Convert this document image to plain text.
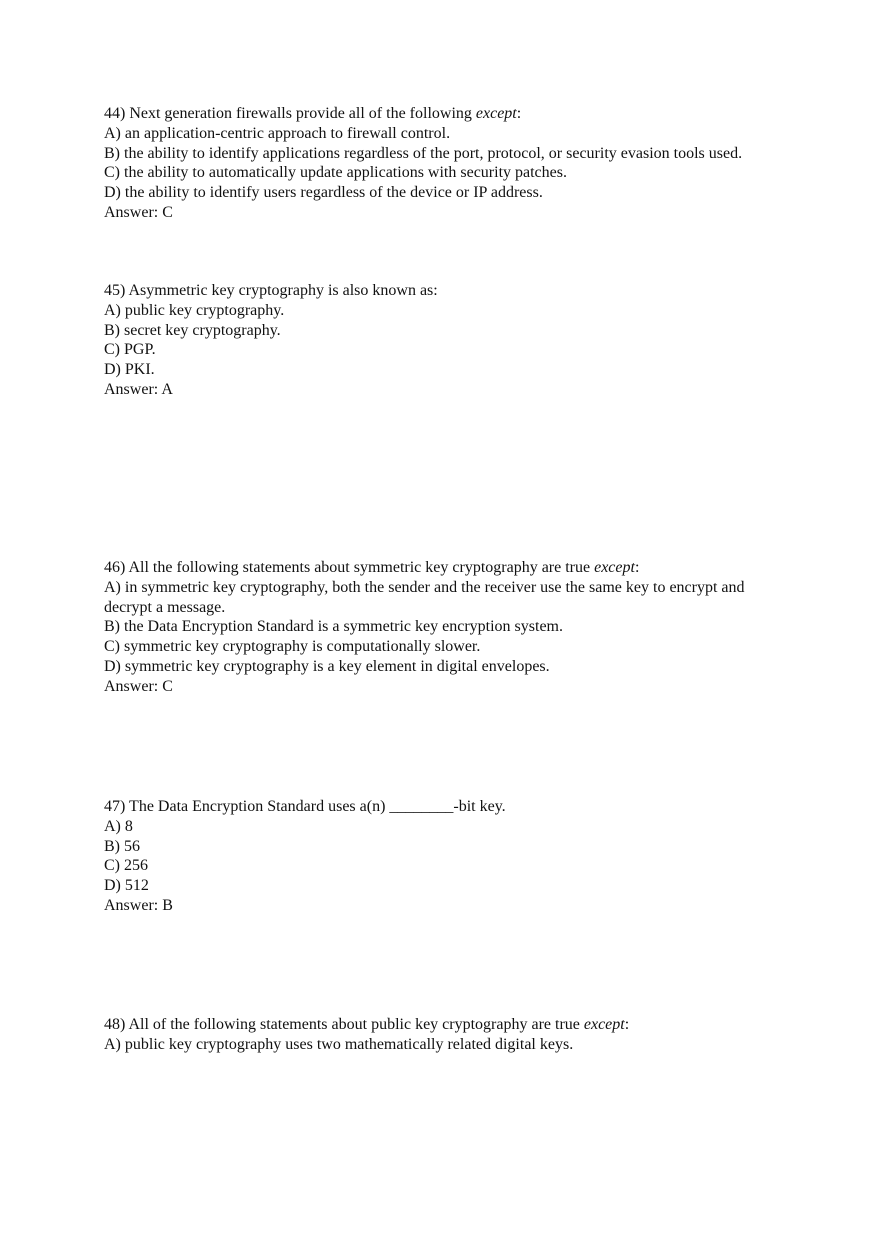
44) Next generation firewalls provide all of the following except:
A) an application-centric approach to firewall control.
B) the ability to identify applications regardless of the port, protocol, or security evasion tools used.
C) the ability to automatically update applications with security patches.
D) the ability to identify users regardless of the device or IP address.
Answer: C
45) Asymmetric key cryptography is also known as:
A) public key cryptography.
B) secret key cryptography.
C) PGP.
D) PKI.
Answer: A
46) All the following statements about symmetric key cryptography are true except:
A) in symmetric key cryptography, both the sender and the receiver use the same key to encrypt and decrypt a message.
B) the Data Encryption Standard is a symmetric key encryption system.
C) symmetric key cryptography is computationally slower.
D) symmetric key cryptography is a key element in digital envelopes.
Answer: C
47) The Data Encryption Standard uses a(n) ________-bit key.
A) 8
B) 56
C) 256
D) 512
Answer: B
48) All of the following statements about public key cryptography are true except:
A) public key cryptography uses two mathematically related digital keys.
